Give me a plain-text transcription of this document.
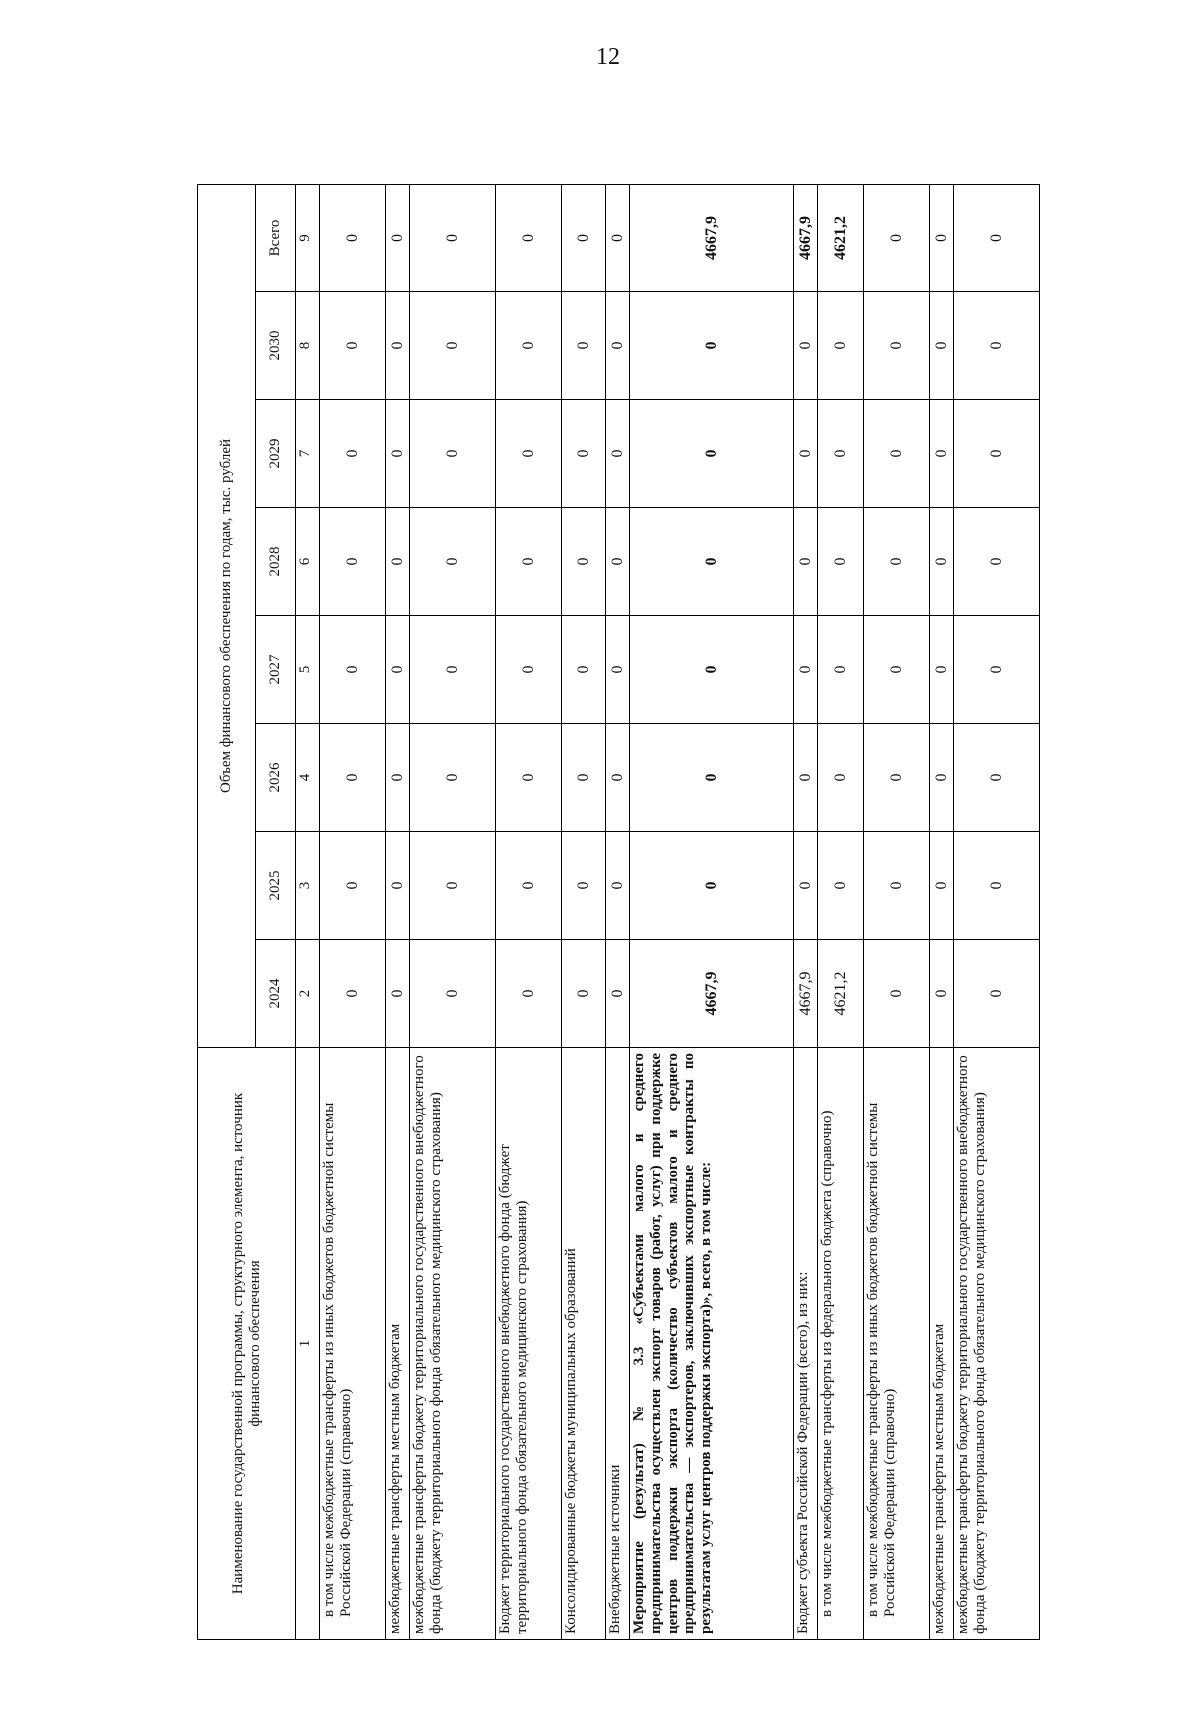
12
Наименование государственной программы, структурного элемента, источник финансового обеспечения	Объем финансового обеспечения по годам, тыс. рублей							
	2024	2025	2026	2027	2028	2029	2030	Всего
1	2	3	4	5	6	7	8	9
в том числе межбюджетные трансферты из иных бюджетов бюджетной системы Российской Федерации (справочно)	0	0	0	0	0	0	0	0
межбюджетные трансферты местным бюджетам	0	0	0	0	0	0	0	0
межбюджетные трансферты бюджету территориального государственного внебюджетного фонда (бюджету территориального фонда обязательного медицинского страхования)	0	0	0	0	0	0	0	0
Бюджет территориального государственного внебюджетного фонда (бюджет территориального фонда обязательного медицинского страхования)	0	0	0	0	0	0	0	0
Консолидированные бюджеты муниципальных образований	0	0	0	0	0	0	0	0
Внебюджетные источники	0	0	0	0	0	0	0	0
Мероприятие (результат) № 3.3 «Субъектами малого и среднего предпринимательства осуществлен экспорт товаров (работ, услуг) при поддержке центров поддержки экспорта (количество субъектов малого и среднего предпринимательства — экспортеров, заключивших экспортные контракты по результатам услуг центров поддержки экспорта)», всего, в том числе:	4667,9	0	0	0	0	0	0	4667,9
Бюджет субъекта Российской Федерации (всего), из них:	4667,9	0	0	0	0	0	0	4667,9
в том числе межбюджетные трансферты из федерального бюджета (справочно)	4621,2	0	0	0	0	0	0	4621,2
в том числе межбюджетные трансферты из иных бюджетов бюджетной системы Российской Федерации (справочно)	0	0	0	0	0	0	0	0
межбюджетные трансферты местным бюджетам	0	0	0	0	0	0	0	0
межбюджетные трансферты бюджету территориального государственного внебюджетного фонда (бюджету территориального фонда обязательного медицинского страхования)	0	0	0	0	0	0	0	0
